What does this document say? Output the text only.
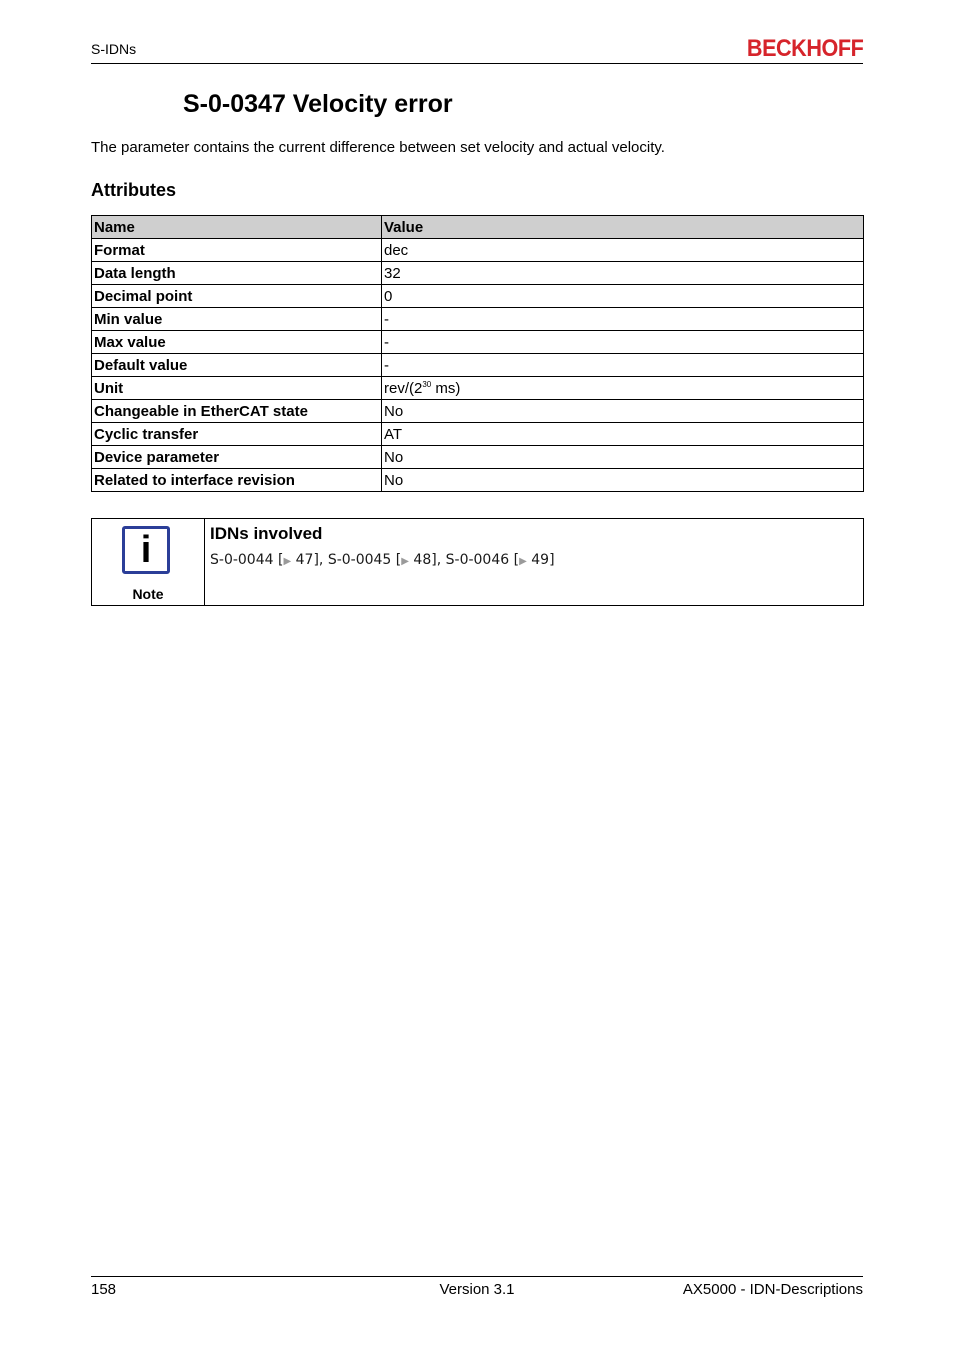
S-IDNs	BECKHOFF
S-0-0347 Velocity error

The parameter contains the current difference between set velocity and actual velocity.

Attributes
Name	Value
Format	dec
Data length	32
Decimal point	0
Min value	-
Max value	-
Default value	-
Unit	rev/($2^{30}$ ms)
Changeable in EtherCAT state	No
Cyclic transfer	AT
Device parameter	No
Related to interface revision	No
i
Note
IDNs involved
S-0-0044 [▶ 47], S-0-0045 [▶ 48], S-0-0046 [▶ 49]
158	Version 3.1	AX5000 - IDN-Descriptions
